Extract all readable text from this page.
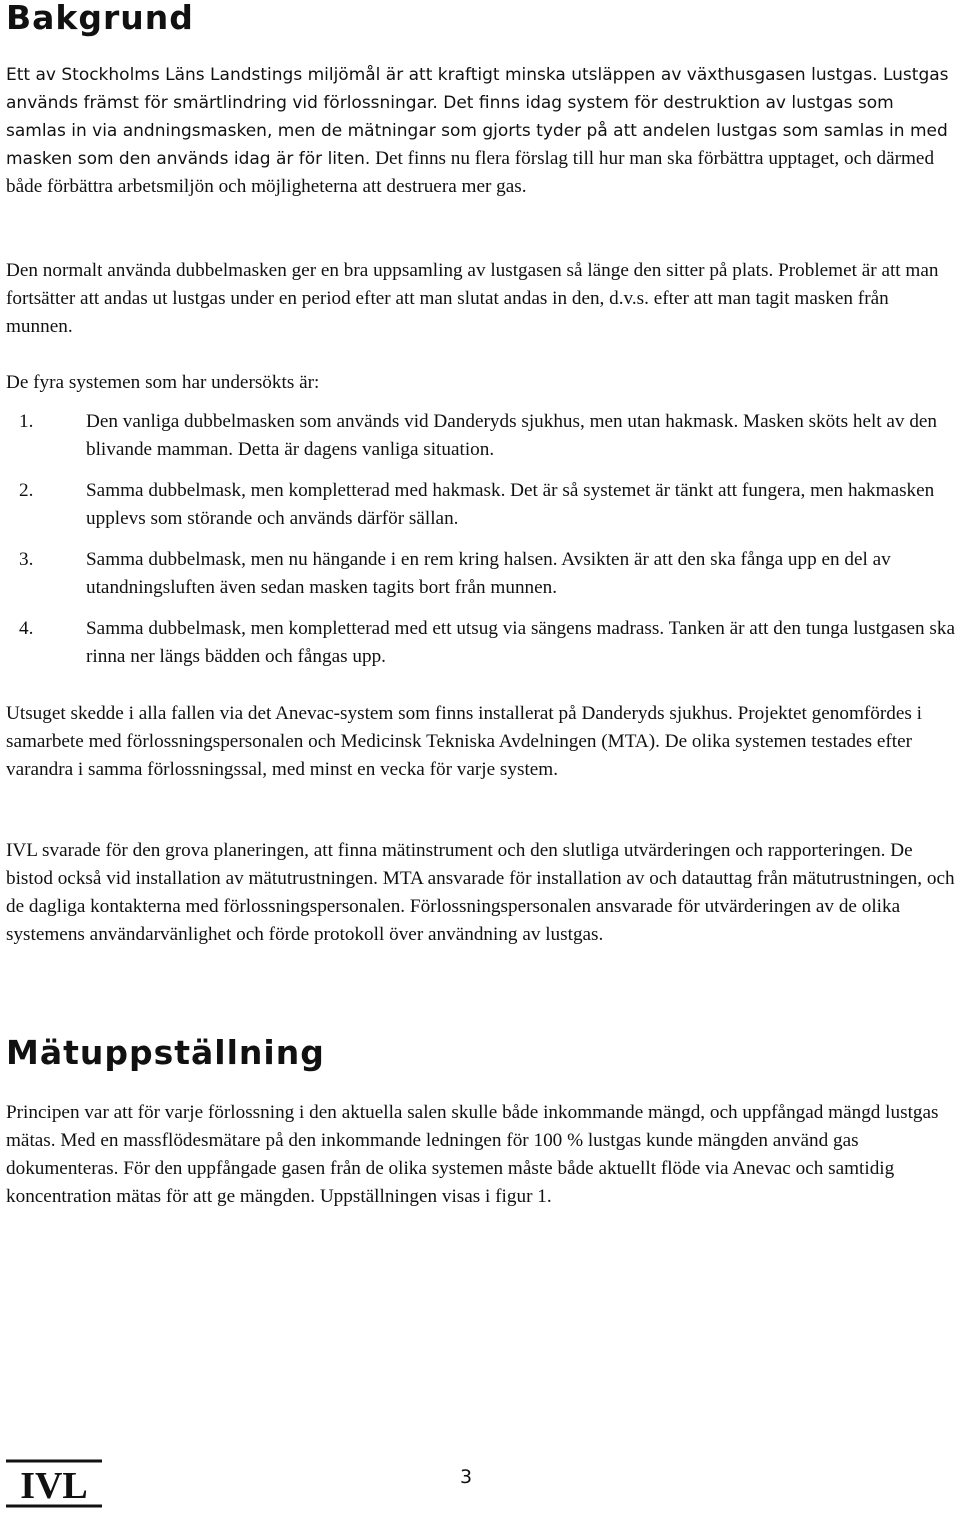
Bakgrund
Ett av Stockholms Läns Landstings miljömål är att kraftigt minska utsläppen av växthusgasen lustgas. Lustgas används främst för smärtlindring vid förlossningar. Det finns idag system för destruktion av lustgas som samlas in via andningsmasken, men de mätningar som gjorts tyder på att andelen lustgas som samlas in med masken som den används idag är för liten. Det finns nu flera förslag till hur man ska förbättra upptaget, och därmed både förbättra arbetsmiljön och möjligheterna att destruera mer gas.
Den normalt använda dubbelmasken ger en bra uppsamling av lustgasen så länge den sitter på plats. Problemet är att man fortsätter att andas ut lustgas under en period efter att man slutat andas in den, d.v.s. efter att man tagit masken från munnen.
De fyra systemen som har undersökts är:
1.	Den vanliga dubbelmasken som används vid Danderyds sjukhus, men utan hakmask. Masken sköts helt av den blivande mamman. Detta är dagens vanliga situation.
2.	Samma dubbelmask, men kompletterad med hakmask. Det är så systemet är tänkt att fungera, men hakmasken upplevs som störande och används därför sällan.
3.	Samma dubbelmask, men nu hängande i en rem kring halsen. Avsikten är att den ska fånga upp en del av utandningsluften även sedan masken tagits bort från munnen.
4.	Samma dubbelmask, men kompletterad med ett utsug via sängens madrass. Tanken är att den tunga lustgasen ska rinna ner längs bädden och fångas upp.
Utsuget skedde i alla fallen via det Anevac-system som finns installerat på Danderyds sjukhus. Projektet genomfördes i samarbete med förlossningspersonalen och Medicinsk Tekniska Avdelningen (MTA). De olika systemen testades efter varandra i samma förlossningssal, med minst en vecka för varje system.
IVL svarade för den grova planeringen, att finna mätinstrument och den slutliga utvärderingen och rapporteringen. De bistod också vid installation av mätutrustningen. MTA ansvarade för installation av och datauttag från mätutrustningen, och de dagliga kontakterna med förlossningspersonalen. Förlossningspersonalen ansvarade för utvärderingen av de olika systemens användarvänlighet och förde protokoll över användning av lustgas.
Mätuppställning
Principen var att för varje förlossning i den aktuella salen skulle både inkommande mängd, och uppfångad mängd lustgas mätas. Med en massflödesmätare på den inkommande ledningen för 100 % lustgas kunde mängden använd gas dokumenteras. För den uppfångade gasen från de olika systemen måste både aktuellt flöde via Anevac och samtidig koncentration mätas för att ge mängden. Uppställningen visas i figur 1.
IVL	3
